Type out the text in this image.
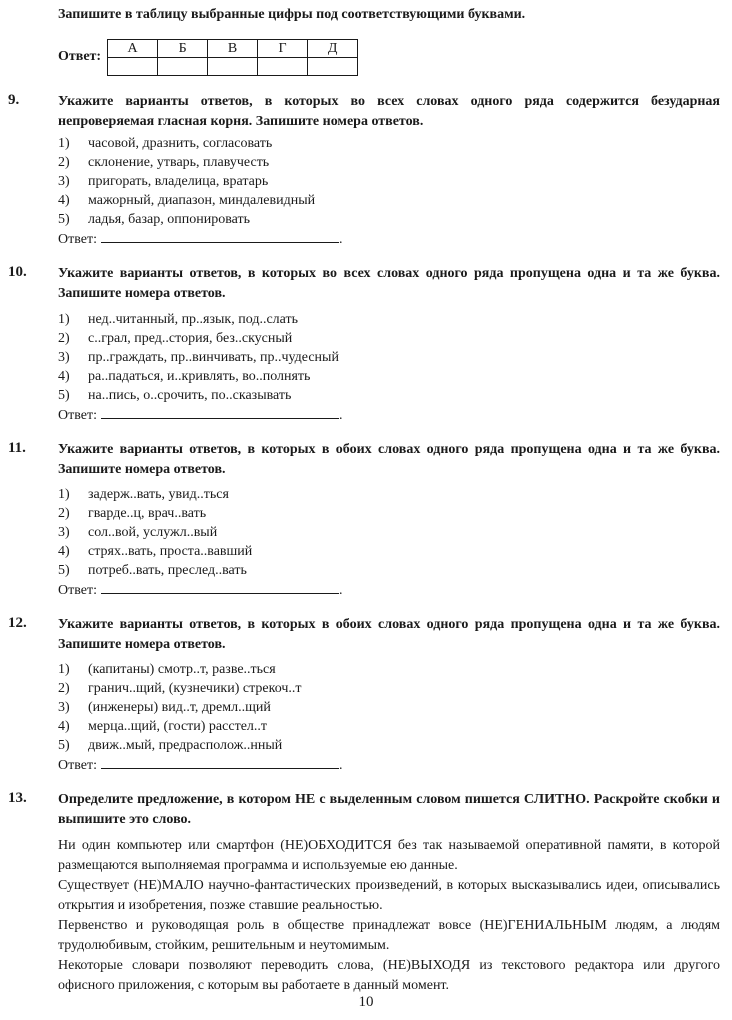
Запишите в таблицу выбранные цифры под соответствующими буквами.
Ответ:
А	Б	В	Г	Д

9.	Укажите варианты ответов, в которых во всех словах одного ряда содержится безударная непроверяемая гласная корня. Запишите номера ответов.
1) часовой, дразнить, согласовать
2) склонение, утварь, плавучесть
3) пригорать, владелица, вратарь
4) мажорный, диапазон, миндалевидный
5) ладья, базар, оппонировать
Ответ:	.
10. Укажите варианты ответов, в которых во всех словах одного ряда пропущена одна и та же буква. Запишите номера ответов.
1) нед..читанный, пр..язык, под..слать
2) с..грал, пред..стория, без..скусный
3) пр..граждать, пр..винчивать, пр..чудесный
4) ра..падаться, и..кривлять, во..полнять
5) на..пись, о..срочить, по..сказывать
Ответ:	.
11. Укажите варианты ответов, в которых в обоих словах одного ряда пропущена одна и та же буква. Запишите номера ответов.
1) задерж..вать, увид..ться
2) гварде..ц, врач..вать
3) сол..вой, услужл..вый
4) стрях..вать, проста..вавший
5) потреб..вать, преслед..вать
Ответ:	.
12. Укажите варианты ответов, в которых в обоих словах одного ряда пропущена одна и та же буква. Запишите номера ответов.
1) (капитаны) смотр..т, разве..ться
2) гранич..щий, (кузнечики) стрекоч..т
3) (инженеры) вид..т, дремл..щий
4) мерца..щий, (гости) расстел..т
5) движ..мый, предрасполож..нный
Ответ:	.
13. Определите предложение, в котором НЕ с выделенным словом пишется СЛИТНО. Раскройте скобки и выпишите это слово.
Ни один компьютер или смартфон (НЕ)ОБХОДИТСЯ без так называемой оперативной памяти, в которой размещаются выполняемая программа и используемые ею данные.
Существует (НЕ)МАЛО научно-фантастических произведений, в которых высказывались идеи, описывались открытия и изобретения, позже ставшие реальностью.
Первенство и руководящая роль в обществе принадлежат вовсе (НЕ)ГЕНИАЛЬНЫМ людям, а людям трудолюбивым, стойким, решительным и неутомимым.
Некоторые словари позволяют переводить слова, (НЕ)ВЫХОДЯ из текстового редактора или другого офисного приложения, с которым вы работаете в данный момент.
10
